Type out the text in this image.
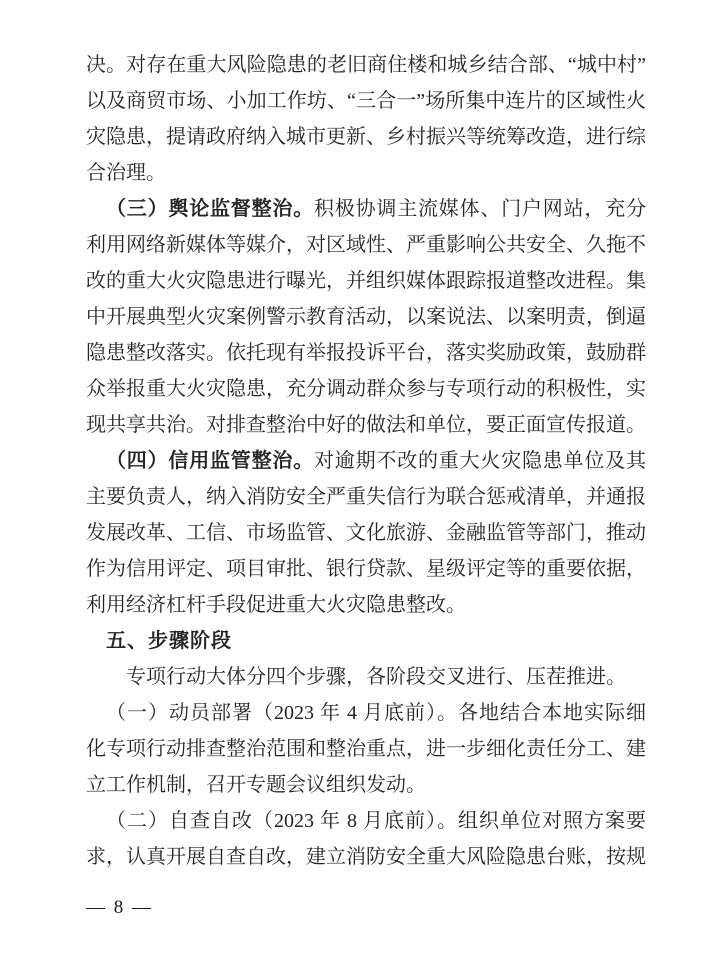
决。对存在重大风险隐患的老旧商住楼和城乡结合部、“城中村”
以及商贸市场、小加工作坊、“三合一”场所集中连片的区域性火
灾隐患，提请政府纳入城市更新、乡村振兴等统筹改造，进行综
合治理。
（三）舆论监督整治。积极协调主流媒体、门户网站，充分
利用网络新媒体等媒介，对区域性、严重影响公共安全、久拖不
改的重大火灾隐患进行曝光，并组织媒体跟踪报道整改进程。集
中开展典型火灾案例警示教育活动，以案说法、以案明责，倒逼
隐患整改落实。依托现有举报投诉平台，落实奖励政策，鼓励群
众举报重大火灾隐患，充分调动群众参与专项行动的积极性，实
现共享共治。对排查整治中好的做法和单位，要正面宣传报道。
（四）信用监管整治。对逾期不改的重大火灾隐患单位及其
主要负责人，纳入消防安全严重失信行为联合惩戒清单，并通报
发展改革、工信、市场监管、文化旅游、金融监管等部门，推动
作为信用评定、项目审批、银行贷款、星级评定等的重要依据，
利用经济杠杆手段促进重大火灾隐患整改。
五、步骤阶段
专项行动大体分四个步骤，各阶段交叉进行、压茬推进。
（一）动员部署（2023 年 4 月底前）。各地结合本地实际细
化专项行动排查整治范围和整治重点，进一步细化责任分工、建
立工作机制，召开专题会议组织发动。
（二）自查自改（2023 年 8 月底前）。组织单位对照方案要
求，认真开展自查自改，建立消防安全重大风险隐患台账，按规
— 8 —
